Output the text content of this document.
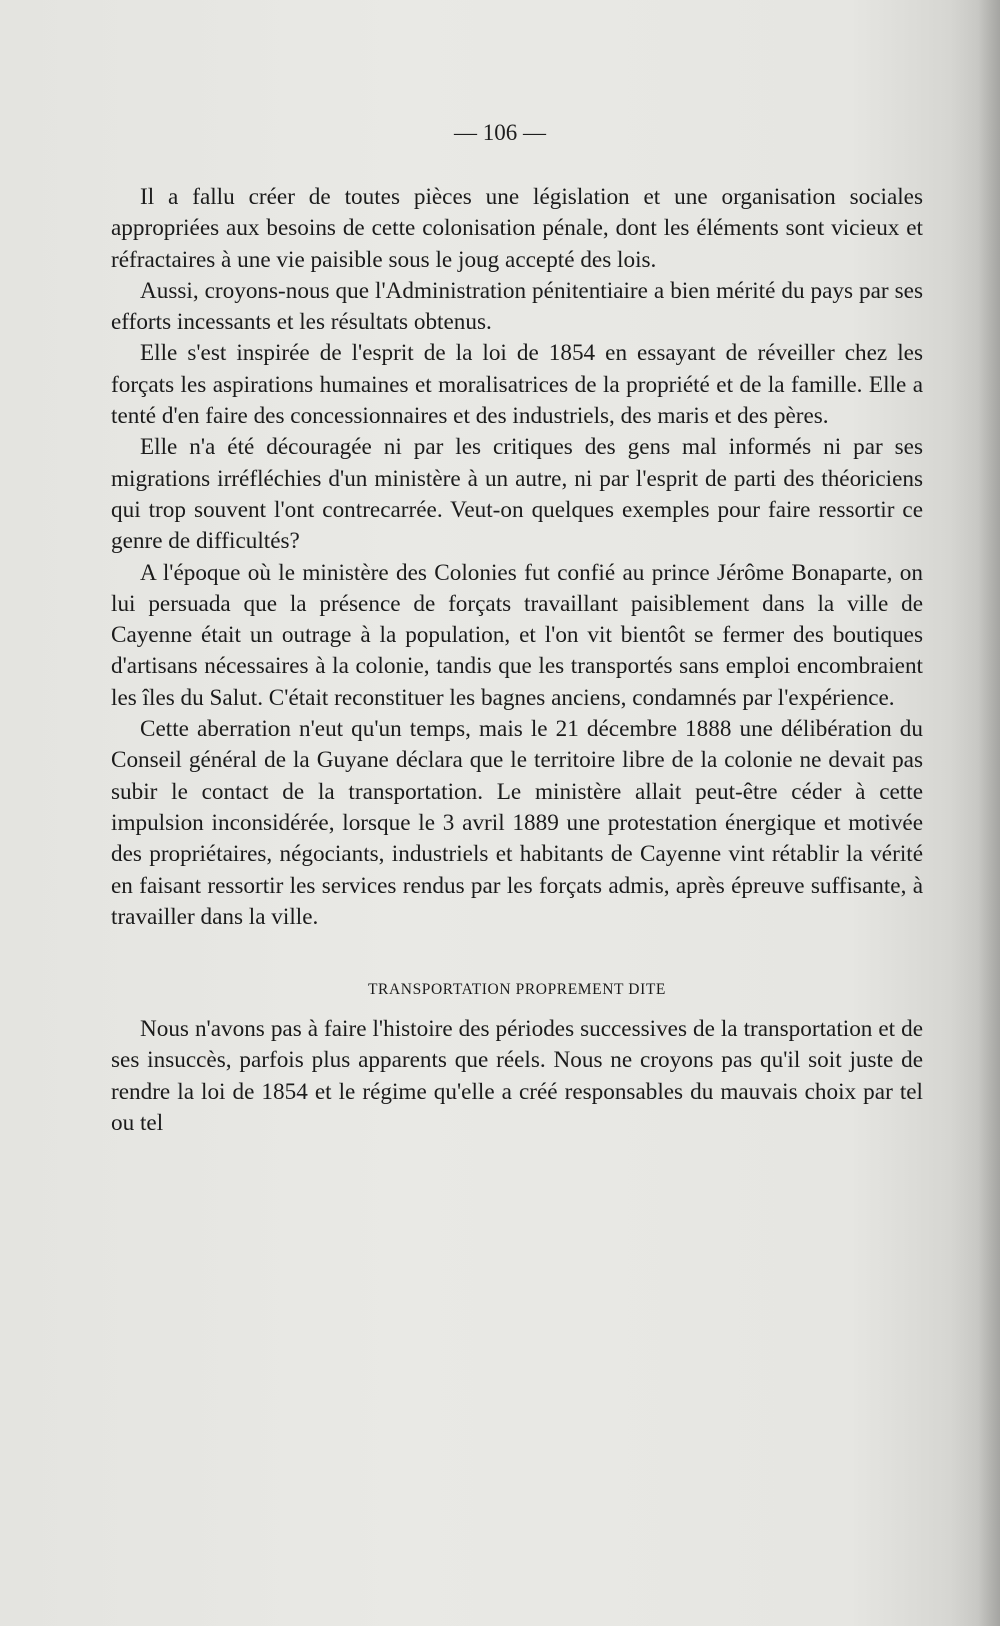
— 106 —

Il a fallu créer de toutes pièces une législation et une organisation sociales appropriées aux besoins de cette colonisation pénale, dont les éléments sont vicieux et réfractaires à une vie paisible sous le joug accepté des lois.

Aussi, croyons-nous que l'Administration pénitentiaire a bien mérité du pays par ses efforts incessants et les résultats obtenus.

Elle s'est inspirée de l'esprit de la loi de 1854 en essayant de réveiller chez les forçats les aspirations humaines et moralisatrices de la propriété et de la famille. Elle a tenté d'en faire des concessionnaires et des industriels, des maris et des pères.

Elle n'a été découragée ni par les critiques des gens mal informés ni par ses migrations irréfléchies d'un ministère à un autre, ni par l'esprit de parti des théoriciens qui trop souvent l'ont contrecarrée. Veut-on quelques exemples pour faire ressortir ce genre de difficultés?

A l'époque où le ministère des Colonies fut confié au prince Jérôme Bonaparte, on lui persuada que la présence de forçats travaillant paisiblement dans la ville de Cayenne était un outrage à la population, et l'on vit bientôt se fermer des boutiques d'artisans nécessaires à la colonie, tandis que les transportés sans emploi encombraient les îles du Salut. C'était reconstituer les bagnes anciens, condamnés par l'expérience.

Cette aberration n'eut qu'un temps, mais le 21 décembre 1888 une délibération du Conseil général de la Guyane déclara que le territoire libre de la colonie ne devait pas subir le contact de la transportation. Le ministère allait peut-être céder à cette impulsion inconsidérée, lorsque le 3 avril 1889 une protestation énergique et motivée des propriétaires, négociants, industriels et habitants de Cayenne vint rétablir la vérité en faisant ressortir les services rendus par les forçats admis, après épreuve suffisante, à travailler dans la ville.

TRANSPORTATION PROPREMENT DITE

Nous n'avons pas à faire l'histoire des périodes successives de la transportation et de ses insuccès, parfois plus apparents que réels. Nous ne croyons pas qu'il soit juste de rendre la loi de 1854 et le régime qu'elle a créé responsables du mauvais choix par tel ou tel
